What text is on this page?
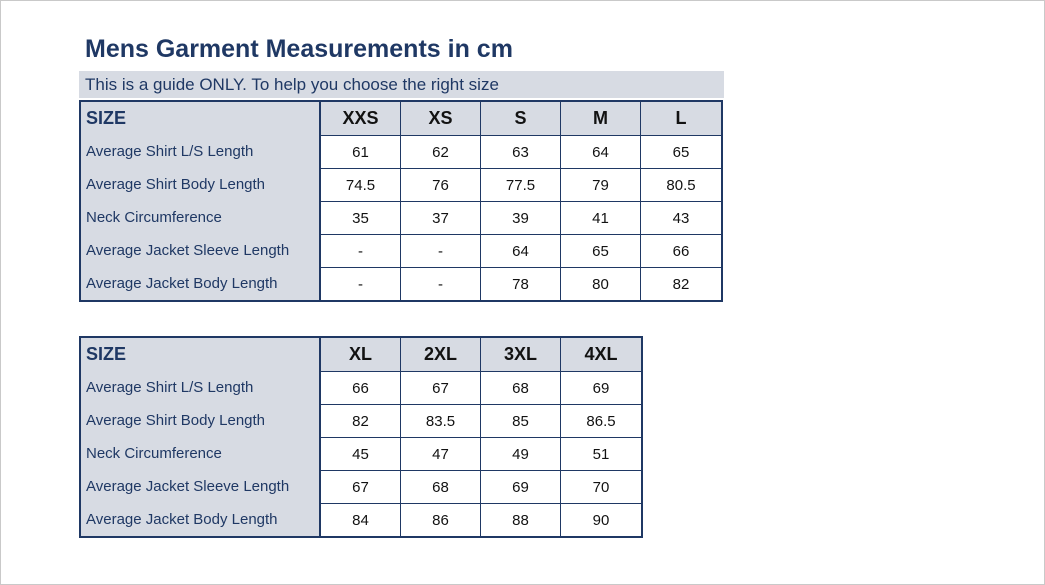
Mens Garment Measurements in cm
This is a guide ONLY. To help you choose the right size
SIZE	XXS	XS	S	M	L
Average Shirt L/S Length	61	62	63	64	65
Average Shirt Body Length	74.5	76	77.5	79	80.5
Neck Circumference	35	37	39	41	43
Average Jacket Sleeve Length	-	-	64	65	66
Average Jacket Body Length	-	-	78	80	82
SIZE	XL	2XL	3XL	4XL
Average Shirt L/S Length	66	67	68	69
Average Shirt Body Length	82	83.5	85	86.5
Neck Circumference	45	47	49	51
Average Jacket Sleeve Length	67	68	69	70
Average Jacket Body Length	84	86	88	90
